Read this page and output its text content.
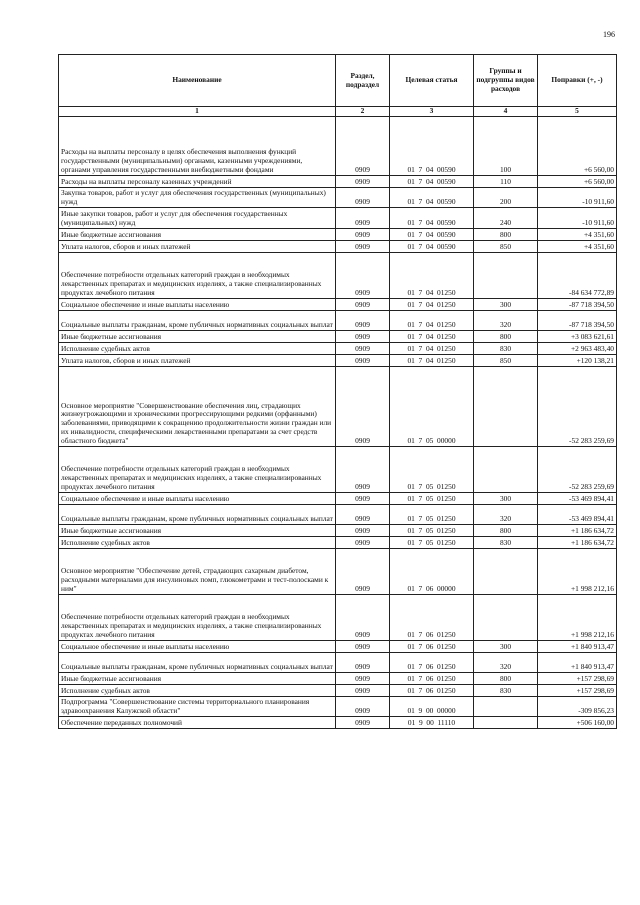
196
Наименование	Раздел, подраздел	Целевая статья	Группы и подгруппы видов расходов	Поправки (+, -)
1	2	3	4	5
Расходы на выплаты персоналу в целях обеспечения выполнения функций государственными (муниципальными) органами, казенными учреждениями, органами управления государственными внебюджетными фондами	0909	01  7  04  00590	100	+6 560,00
Расходы на выплаты персоналу казенных учреждений	0909	01  7  04  00590	110	+6 560,00
Закупка товаров, работ и услуг для обеспечения государственных (муниципальных) нужд	0909	01  7  04  00590	200	-10 911,60
Иные закупки товаров, работ и услуг для обеспечения государственных (муниципальных) нужд	0909	01  7  04  00590	240	-10 911,60
Иные бюджетные ассигнования	0909	01  7  04  00590	800	+4 351,60
Уплата налогов, сборов и иных платежей	0909	01  7  04  00590	850	+4 351,60
Обеспечение потребности отдельных категорий граждан в необходимых лекарственных препаратах и медицинских изделиях, а также специализированных продуктах лечебного питания	0909	01  7  04  01250		-84 634 772,89
Социальное обеспечение и иные выплаты населению	0909	01  7  04  01250	300	-87 718 394,50
Социальные выплаты гражданам, кроме публичных нормативных социальных выплат	0909	01  7  04  01250	320	-87 718 394,50
Иные бюджетные ассигнования	0909	01  7  04  01250	800	+3 083 621,61
Исполнение судебных актов	0909	01  7  04  01250	830	+2 963 483,40
Уплата налогов, сборов и иных платежей	0909	01  7  04  01250	850	+120 138,21
Основное мероприятие "Совершенствование обеспечения лиц, страдающих жизнеугрожающими и хроническими прогрессирующими редкими (орфанными) заболеваниями, приводящими к сокращению продолжительности жизни граждан или их инвалидности, специфическими лекарственными препаратами за счет средств областного бюджета"	0909	01  7  05  00000		-52 283 259,69
Обеспечение потребности отдельных категорий граждан в необходимых лекарственных препаратах и медицинских изделиях, а также специализированных продуктах лечебного питания	0909	01  7  05  01250		-52 283 259,69
Социальное обеспечение и иные выплаты населению	0909	01  7  05  01250	300	-53 469 894,41
Социальные выплаты гражданам, кроме публичных нормативных социальных выплат	0909	01  7  05  01250	320	-53 469 894,41
Иные бюджетные ассигнования	0909	01  7  05  01250	800	+1 186 634,72
Исполнение судебных актов	0909	01  7  05  01250	830	+1 186 634,72
Основное мероприятие "Обеспечение детей, страдающих сахарным диабетом, расходными материалами для инсулиновых помп, глюкометрами и тест-полосками к ним"	0909	01  7  06  00000		+1 998 212,16
Обеспечение потребности отдельных категорий граждан в необходимых лекарственных препаратах и медицинских изделиях, а также специализированных продуктах лечебного питания	0909	01  7  06  01250		+1 998 212,16
Социальное обеспечение и иные выплаты населению	0909	01  7  06  01250	300	+1 840 913,47
Социальные выплаты гражданам, кроме публичных нормативных социальных выплат	0909	01  7  06  01250	320	+1 840 913,47
Иные бюджетные ассигнования	0909	01  7  06  01250	800	+157 298,69
Исполнение судебных актов	0909	01  7  06  01250	830	+157 298,69
Подпрограмма "Совершенствование системы территориального планирования здравоохранения Калужской области"	0909	01  9  00  00000		-309 856,23
Обеспечение переданных полномочий	0909	01  9  00  11110		+506 160,00
